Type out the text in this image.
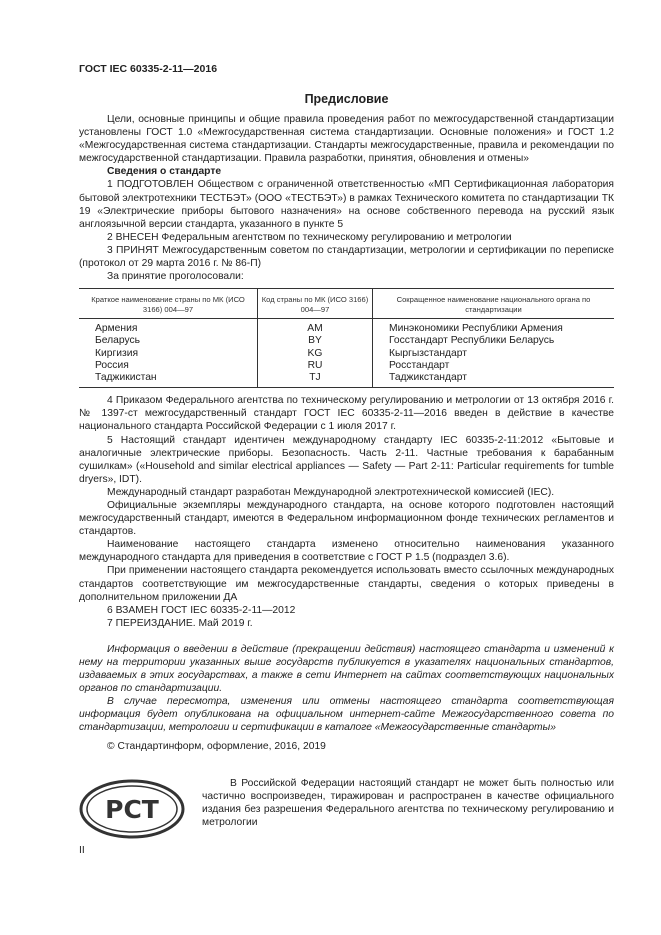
ГОСТ IEC 60335-2-11—2016
Предисловие

Цели, основные принципы и общие правила проведения работ по межгосударственной стандартизации установлены ГОСТ 1.0 «Межгосударственная система стандартизации. Основные положения» и ГОСТ 1.2 «Межгосударственная система стандартизации. Стандарты межгосударственные, правила и рекомендации по межгосударственной стандартизации. Правила разработки, принятия, обновления и отмены»

Сведения о стандарте

1 ПОДГОТОВЛЕН Обществом с ограниченной ответственностью «МП Сертификационная лаборатория бытовой электротехники ТЕСТБЭТ» (ООО «ТЕСТБЭТ») в рамках Технического комитета по стандартизации ТК 19 «Электрические приборы бытового назначения» на основе собственного перевода на русский язык англоязычной версии стандарта, указанного в пункте 5

2 ВНЕСЕН Федеральным агентством по техническому регулированию и метрологии

3 ПРИНЯТ Межгосударственным советом по стандартизации, метрологии и сертификации по переписке (протокол от 29 марта 2016 г. № 86-П)

За принятие проголосовали:

Краткое наименование страны по МК (ИСО 3166) 004—97	Код страны по МК (ИСО 3166) 004—97	Сокращенное наименование национального органа по стандартизации
Армения	AM	Минэкономики Республики Армения
Беларусь	BY	Госстандарт Республики Беларусь
Киргизия	KG	Кыргызстандарт
Россия	RU	Росстандарт
Таджикистан	TJ	Таджикстандарт

4 Приказом Федерального агентства по техническому регулированию и метрологии от 13 октября 2016 г. № 1397-ст межгосударственный стандарт ГОСТ IEC 60335-2-11—2016 введен в действие в качестве национального стандарта Российской Федерации с 1 июля 2017 г.

5 Настоящий стандарт идентичен международному стандарту IEC 60335-2-11:2012 «Бытовые и аналогичные электрические приборы. Безопасность. Часть 2-11. Частные требования к барабанным сушилкам» («Household and similar electrical appliances — Safety — Part 2-11: Particular requirements for tumble dryers», IDT).

Международный стандарт разработан Международной электротехнической комиссией (IEC).

Официальные экземпляры международного стандарта, на основе которого подготовлен настоящий межгосударственный стандарт, имеются в Федеральном информационном фонде технических регламентов и стандартов.

Наименование настоящего стандарта изменено относительно наименования указанного международного стандарта для приведения в соответствие с ГОСТ Р 1.5 (подраздел 3.6).

При применении настоящего стандарта рекомендуется использовать вместо ссылочных международных стандартов соответствующие им межгосударственные стандарты, сведения о которых приведены в дополнительном приложении ДА

6 ВЗАМЕН ГОСТ IEC 60335-2-11—2012

7 ПЕРЕИЗДАНИЕ. Май 2019 г.

Информация о введении в действие (прекращении действия) настоящего стандарта и изменений к нему на территории указанных выше государств публикуется в указателях национальных стандартов, издаваемых в этих государствах, а также в сети Интернет на сайтах соответствующих национальных органов по стандартизации.

В случае пересмотра, изменения или отмены настоящего стандарта соответствующая информация будет опубликована на официальном интернет-сайте Межгосударственного совета по стандартизации, метрологии и сертификации в каталоге «Межгосударственные стандарты»

© Стандартинформ, оформление, 2016, 2019

РСТ

В Российской Федерации настоящий стандарт не может быть полностью или частично воспроизведен, тиражирован и распространен в качестве официального издания без разрешения Федерального агентства по техническому регулированию и метрологии

II
